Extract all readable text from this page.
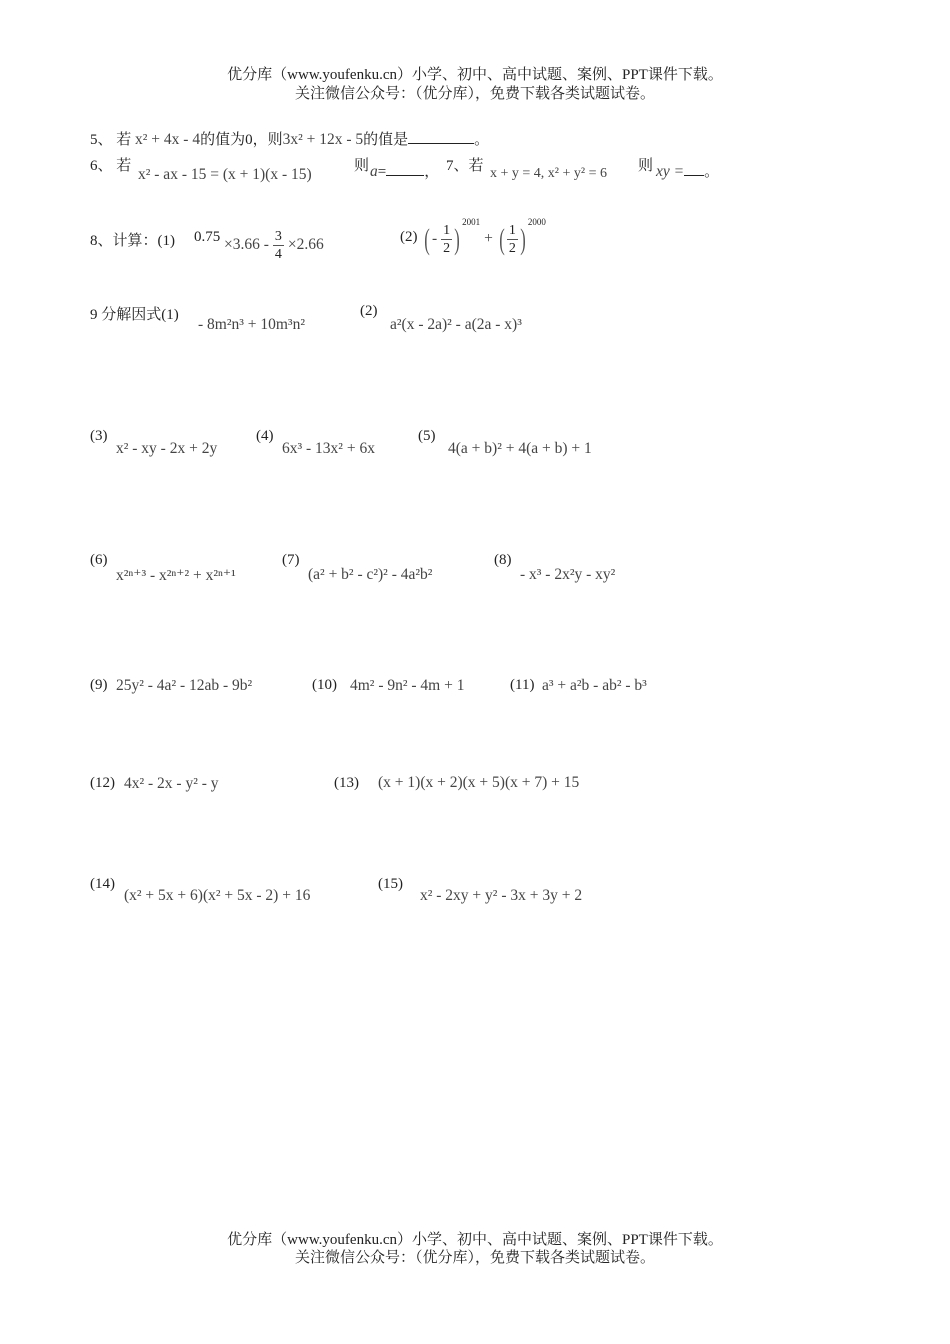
优分库（www.youfenku.cn）小学、初中、高中试题、案例、PPT课件下载。
关注微信公众号：（优分库），免费下载各类试题试卷。
5、 若 x² + 4x - 4的值为0，则3x² + 12x - 5的值是	。
6、 若 x² - ax - 15 = (x + 1)(x - 15)	则 a=	， 7、若 x + y = 4, x² + y² = 6 则 xy = 。
8、计算：(1) $0.75 \times 3.66 - \frac{3}{4} \times 2.66$	(2) ( - $\frac{1}{2} )^{2001}$ + ( $\frac{1}{2} )^{2000}$
9 分解因式(1)
- 8m²n³ + 10m³n²
(2)
a²(x - 2a)² - a(2a - x)³
(3)
x² - xy - 2x + 2y
(4)
6x³ - 13x² + 6x
(5)
4(a + b)² + 4(a + b) + 1
(6)
x²ⁿ⁺³ - x²ⁿ⁺² + x²ⁿ⁺¹
(7)
(a² + b² - c²)² - 4a²b²
(8)
- x³ - 2x²y - xy²
(9) 25y² - 4a² - 12ab - 9b²	(10) 4m² - 9n² - 4m + 1	(11) a³ + a²b - ab² - b³
(12) 4x² - 2x - y² - y	(13) (x + 1)(x + 2)(x + 5)(x + 7) + 15
(14)
(x² + 5x + 6)(x² + 5x - 2) + 16
(15)
x² - 2xy + y² - 3x + 3y + 2
优分库（www.youfenku.cn）小学、初中、高中试题、案例、PPT课件下载。
关注微信公众号：（优分库），免费下载各类试题试卷。
